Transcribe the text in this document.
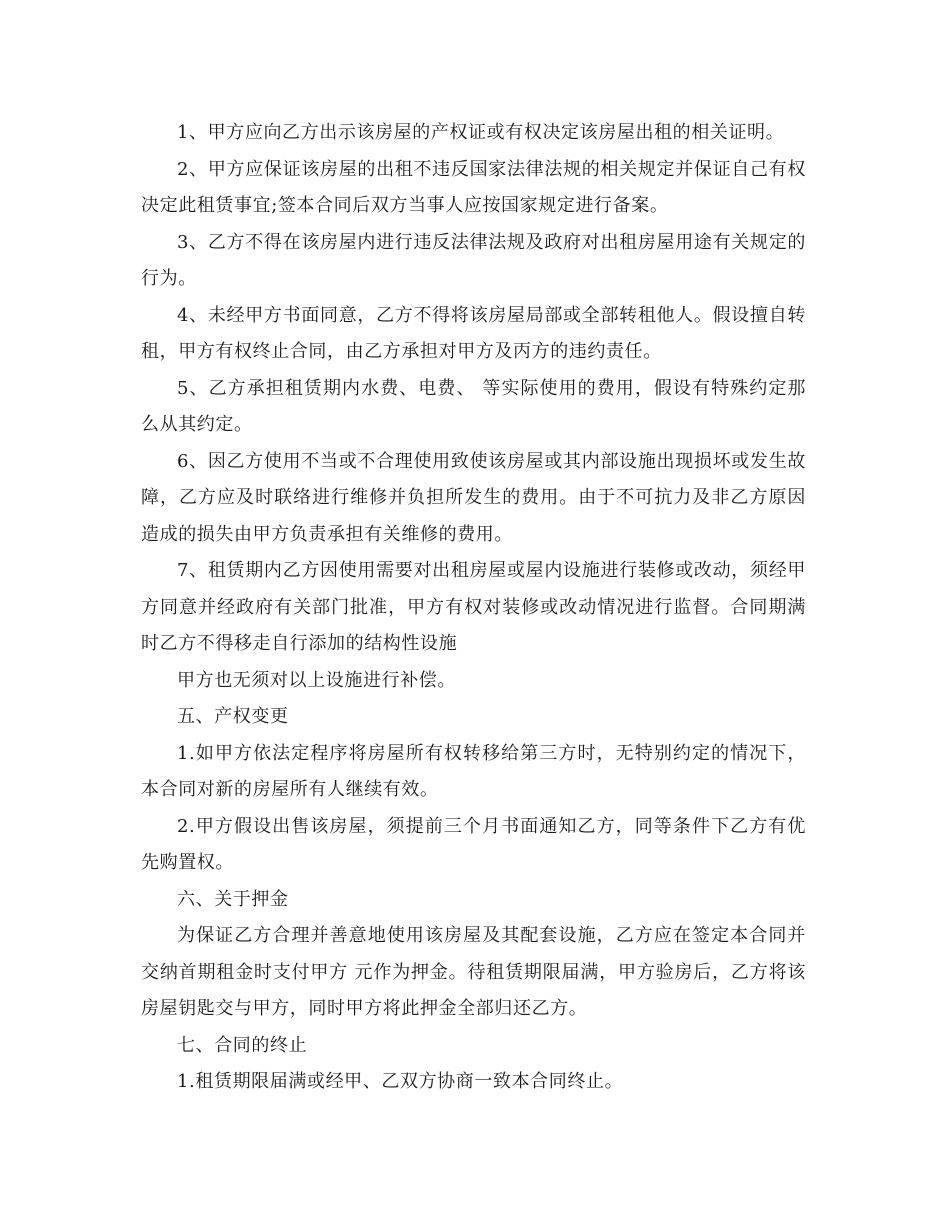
1、甲方应向乙方出示该房屋的产权证或有权决定该房屋出租的相关证明。

2、甲方应保证该房屋的出租不违反国家法律法规的相关规定并保证自己有权决定此租赁事宜;签本合同后双方当事人应按国家规定进行备案。

3、乙方不得在该房屋内进行违反法律法规及政府对出租房屋用途有关规定的行为。

4、未经甲方书面同意，乙方不得将该房屋局部或全部转租他人。假设擅自转租，甲方有权终止合同，由乙方承担对甲方及丙方的违约责任。

5、乙方承担租赁期内水费、电费、 等实际使用的费用，假设有特殊约定那么从其约定。

6、因乙方使用不当或不合理使用致使该房屋或其内部设施出现损坏或发生故障，乙方应及时联络进行维修并负担所发生的费用。由于不可抗力及非乙方原因造成的损失由甲方负责承担有关维修的费用。

7、租赁期内乙方因使用需要对出租房屋或屋内设施进行装修或改动，须经甲方同意并经政府有关部门批准，甲方有权对装修或改动情况进行监督。合同期满时乙方不得移走自行添加的结构性设施

甲方也无须对以上设施进行补偿。

五、产权变更

1.如甲方依法定程序将房屋所有权转移给第三方时，无特别约定的情况下，本合同对新的房屋所有人继续有效。

2.甲方假设出售该房屋，须提前三个月书面通知乙方，同等条件下乙方有优先购置权。

六、关于押金

为保证乙方合理并善意地使用该房屋及其配套设施，乙方应在签定本合同并交纳首期租金时支付甲方 元作为押金。待租赁期限届满，甲方验房后，乙方将该房屋钥匙交与甲方，同时甲方将此押金全部归还乙方。

七、合同的终止

1.租赁期限届满或经甲、乙双方协商一致本合同终止。
